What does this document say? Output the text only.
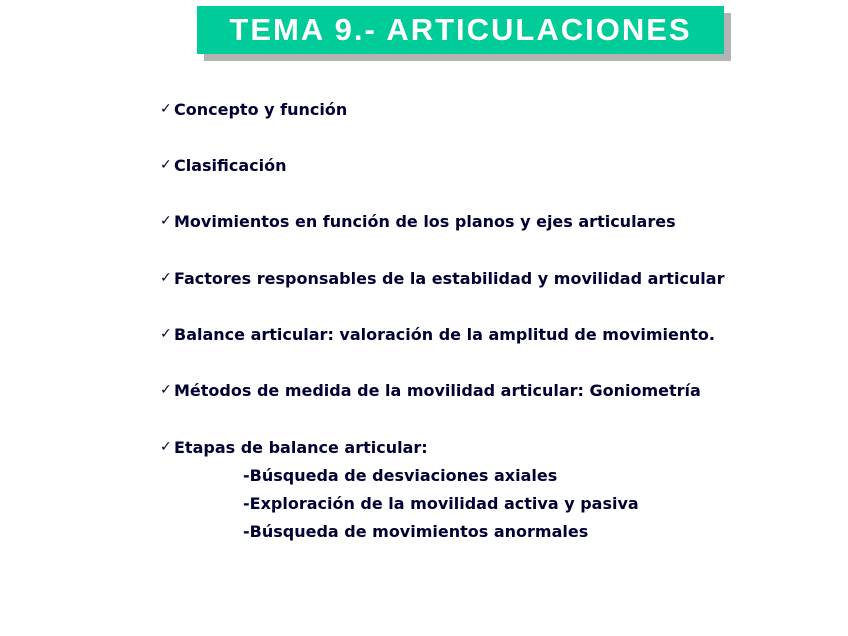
TEMA 9.- ARTICULACIONES
✓ Concepto y función
✓ Clasificación
✓ Movimientos en función de los planos y ejes articulares
✓ Factores responsables de la estabilidad y movilidad articular
✓ Balance articular: valoración de la amplitud de movimiento.
✓ Métodos de medida de la movilidad articular: Goniometría
✓ Etapas de balance articular:
-Búsqueda de desviaciones axiales
-Exploración de la movilidad activa y pasiva
-Búsqueda de movimientos anormales
